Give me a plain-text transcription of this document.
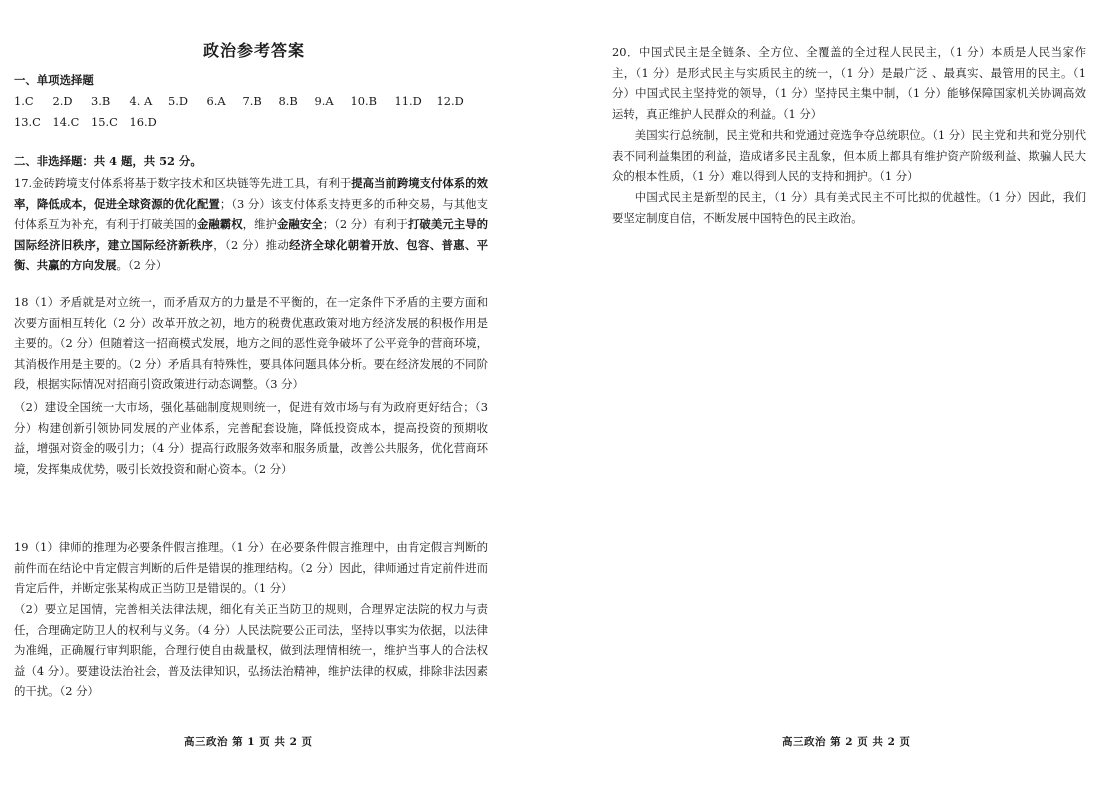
政治参考答案
一、单项选择题
1.C	2.D	3.B	4. A	5.D	6.A	7.B	8.B	9.A	10.B	11.D	12.D
13.C	14.C	15.C	16.D
二、非选择题：共 4 题，共 52 分。
17.金砖跨境支付体系将基于数字技术和区块链等先进工具，有利于提高当前跨境支付体系的效率，降低成本，促进全球资源的优化配置；（3 分）该支付体系支持更多的币种交易，与其他支付体系互为补充，有利于打破美国的金融霸权，维护金融安全；（2 分）有利于打破美元主导的国际经济旧秩序，建立国际经济新秩序，（2 分）推动经济全球化朝着开放、包容、普惠、平衡、共赢的方向发展。（2 分）
18（1）矛盾就是对立统一，而矛盾双方的力量是不平衡的，在一定条件下矛盾的主要方面和次要方面相互转化（2 分）改革开放之初，地方的税费优惠政策对地方经济发展的积极作用是主要的。（2 分）但随着这一招商模式发展，地方之间的恶性竞争破坏了公平竞争的营商环境，其消极作用是主要的。（2 分）矛盾具有特殊性，要具体问题具体分析。要在经济发展的不同阶段，根据实际情况对招商引资政策进行动态调整。（3 分）
（2）建设全国统一大市场，强化基础制度规则统一，促进有效市场与有为政府更好结合；（3 分）构建创新引领协同发展的产业体系，完善配套设施，降低投资成本，提高投资的预期收益，增强对资金的吸引力；（4 分）提高行政服务效率和服务质量，改善公共服务，优化营商环境，发挥集成优势，吸引长效投资和耐心资本。（2 分）
19（1）律师的推理为必要条件假言推理。（1 分）在必要条件假言推理中，由肯定假言判断的前件而在结论中肯定假言判断的后件是错误的推理结构。（2 分）因此，律师通过肯定前件进而肯定后件，并断定张某构成正当防卫是错误的。（1 分）
（2）要立足国情，完善相关法律法规，细化有关正当防卫的规则，合理界定法院的权力与责任，合理确定防卫人的权利与义务。（4 分）人民法院要公正司法，坚持以事实为依据，以法律为准绳，正确履行审判职能，合理行使自由裁量权，做到法理情相统一，维护当事人的合法权益（4 分）。要建设法治社会，普及法律知识，弘扬法治精神，维护法律的权威，排除非法因素的干扰。（2 分）
高三政治 第 1 页 共 2 页
20．中国式民主是全链条、全方位、全覆盖的全过程人民民主，（1 分）本质是人民当家作主，（1 分）是形式民主与实质民主的统一，（1 分）是最广泛 、最真实、最管用的民主。（1 分）中国式民主坚持党的领导，（1 分）坚持民主集中制，（1 分）能够保障国家机关协调高效运转，真正维护人民群众的利益。（1 分）
美国实行总统制，民主党和共和党通过竞选争夺总统职位。（1 分）民主党和共和党分别代表不同利益集团的利益，造成诸多民主乱象，但本质上都具有维护资产阶级利益、欺骗人民大众的根本性质，（1 分）难以得到人民的支持和拥护。（1 分）
中国式民主是新型的民主，（1 分）具有美式民主不可比拟的优越性。（1 分）因此，我们要坚定制度自信，不断发展中国特色的民主政治。
高三政治 第 2 页 共 2 页
